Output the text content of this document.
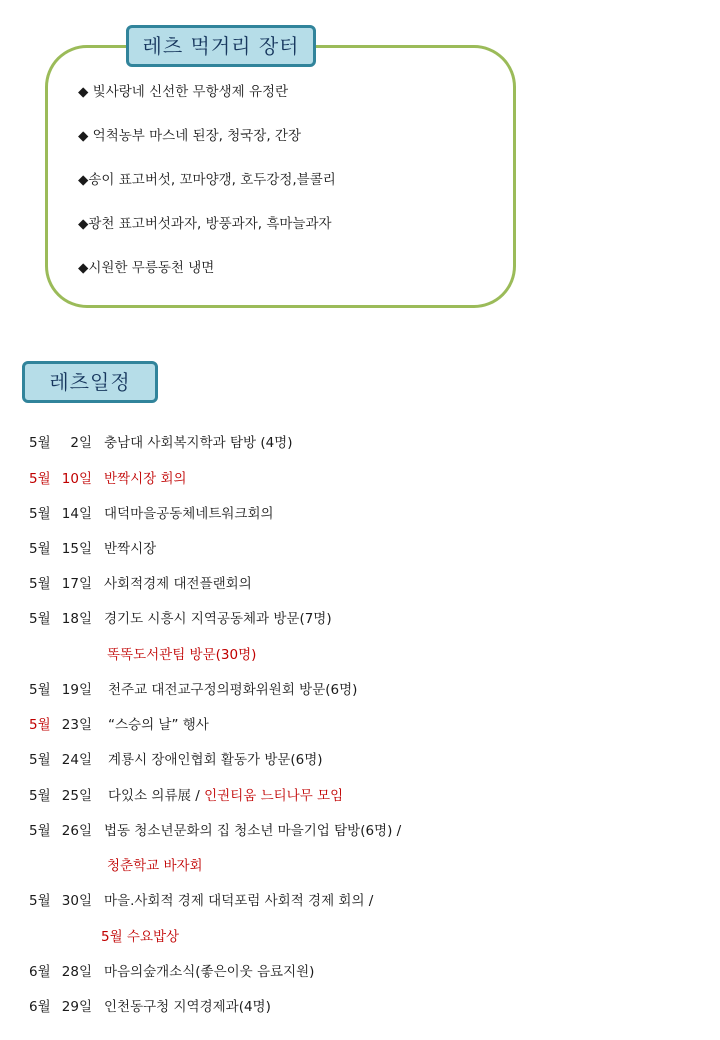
레츠 먹거리 장터
◆ 빛사랑네 신선한 무항생제 유정란
◆ 억척농부 마스네 된장, 청국장, 간장
◆송이 표고버섯, 꼬마양갱, 호두강정,블콜리
◆광천 표고버섯과자, 방풍과자, 흑마늘과자
◆시원한 무릉동천 냉면
레츠일정
5월	2일 충남대 사회복지학과 탐방 (4명)
5월 10일 반짝시장 회의
5월 14일 대덕마을공동체네트워크회의
5월 15일 반짝시장
5월 17일 사회적경제 대전플랜회의
5월 18일 경기도 시흥시 지역공동체과 방문(7명)
똑똑도서관팀 방문(30명)
5월 19일 천주교 대전교구정의평화위원회 방문(6명)
5월 23일 “스승의 날” 행사
5월 24일 계룡시 장애인협회 활동가 방문(6명)
5월 25일 다있소 의류展 / 인권티움 느티나무 모임
5월 26일 법동 청소년문화의 집 청소년 마을기업 탐방(6명) /
청춘학교 바자회
5월 30일 마을.사회적 경제 대덕포럼 사회적 경제 회의 /
5월 수요밥상
6월 28일 마음의숲개소식(좋은이웃 음료지원)
6월 29일 인천동구청 지역경제과(4명)
